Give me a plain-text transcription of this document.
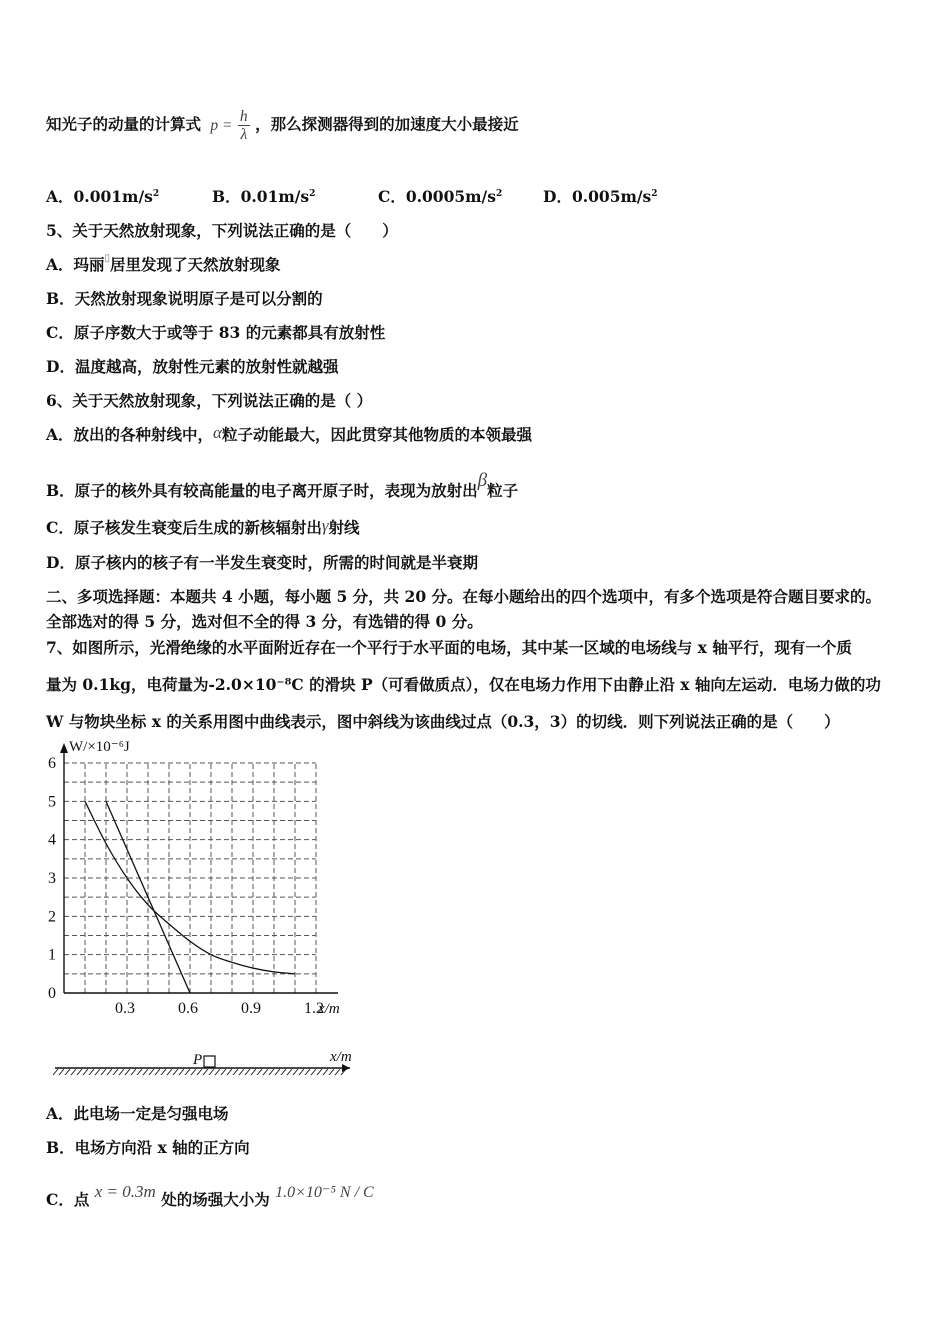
知光子的动量的计算式 $p = \frac{h}{\lambda}$ ，那么探测器得到的加速度大小最接近
A．$0.001m/s^2$	B．$0.01m/s^2$	C．$0.0005m/s^2$	D．$0.005m/s^2$
5、关于天然放射现象，下列说法正确的是（　　）
A．玛丽▯居里发现了天然放射现象
B．天然放射现象说明原子是可以分割的
C．原子序数大于或等于 83 的元素都具有放射性
D．温度越高，放射性元素的放射性就越强
6、关于天然放射现象，下列说法正确的是（ ）
A．放出的各种射线中，α粒子动能最大，因此贯穿其他物质的本领最强
B．原子的核外具有较高能量的电子离开原子时，表现为放射出β粒子
C．原子核发生衰变后生成的新核辐射出γ射线
D．原子核内的核子有一半发生衰变时，所需的时间就是半衰期
二、多项选择题：本题共 4 小题，每小题 5 分，共 20 分。在每小题给出的四个选项中，有多个选项是符合题目要求的。
全部选对的得 5 分，选对但不全的得 3 分，有选错的得 0 分。
7、如图所示，光滑绝缘的水平面附近存在一个平行于水平面的电场，其中某一区域的电场线与 x 轴平行，现有一个质
量为 0.1kg，电荷量为-2.0×10⁻⁸C 的滑块 P（可看做质点），仅在电场力作用下由静止沿 x 轴向左运动．电场力做的功
W 与物块坐标 x 的关系用图中曲线表示，图中斜线为该曲线过点（0.3，3）的切线．则下列说法正确的是（　　）
W/×10⁻⁶J
x/m
0
1
2
3
4
5
6
0.3	0.6	0.9	1.2
P	x/m
A．此电场一定是匀强电场
B．电场方向沿 x 轴的正方向
C．点 x = 0.3m 处的场强大小为 1.0×10⁻⁵ N / C
